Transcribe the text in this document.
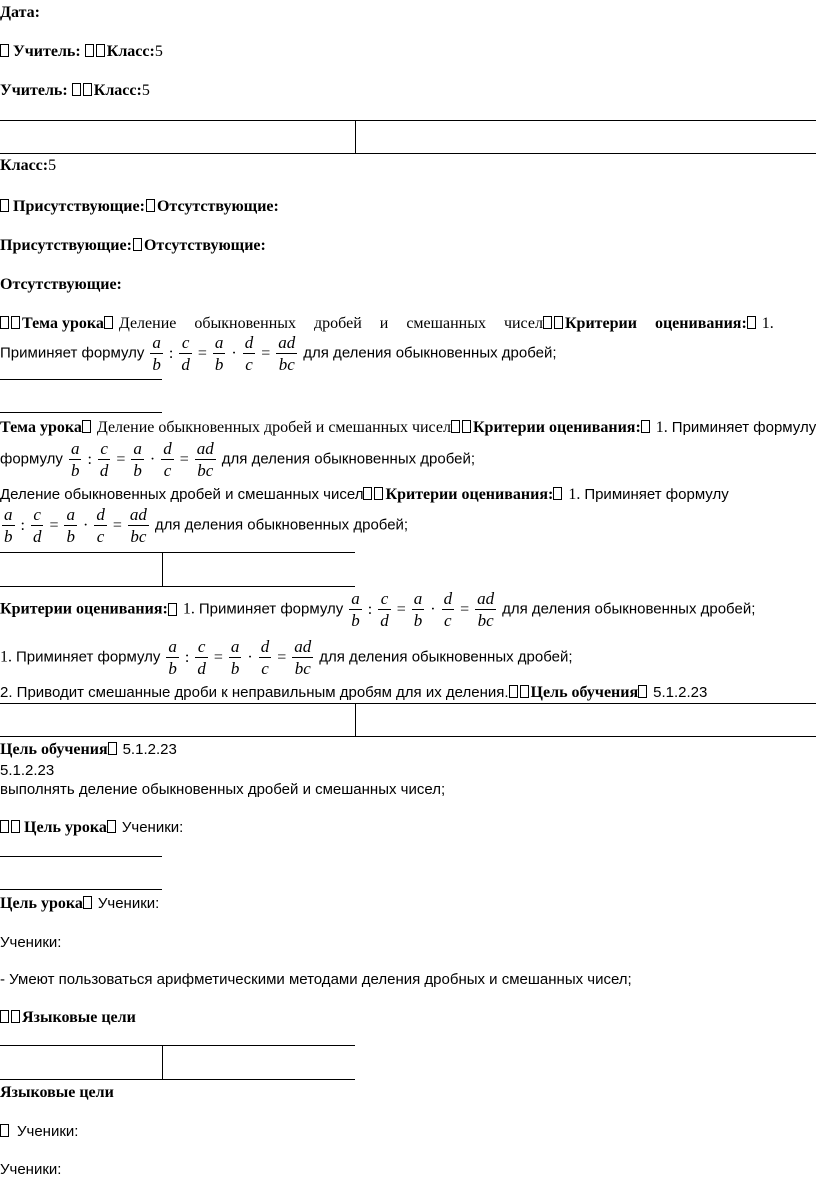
Дата:
Учитель: Класс:5
Учитель: Класс:5
Класс:5
Присутствующие: Отсутствующие:
Присутствующие: Отсутствующие:
Отсутствующие:
Тема урока Деление обыкновенных дробей и смешанных чисел Критерии оценивания: 1.
Приминяет формулу $\frac{a}{b}$ : $\frac{c}{d} = \frac{a}{b} \cdot \frac{d}{c} = \frac{ad}{bc}$ для деления обыкновенных дробей;
Тема урока Деление обыкновенных дробей и смешанных чисел Критерии оценивания: 1. Приминяет формулу
формулу $\frac{a}{b}$ : $\frac{c}{d} = \frac{a}{b} \cdot \frac{d}{c} = \frac{ad}{bc}$ для деления обыкновенных дробей;
Деление обыкновенных дробей и смешанных чисел Критерии оценивания: 1. Приминяет формулу
$\frac{a}{b}$ : $\frac{c}{d} = \frac{a}{b} \cdot \frac{d}{c} = \frac{ad}{bc}$ для деления обыкновенных дробей;
Критерии оценивания: 1. Приминяет формулу $\frac{a}{b}$ : $\frac{c}{d} = \frac{a}{b} \cdot \frac{d}{c} = \frac{ad}{bc}$ для деления обыкновенных дробей;
1. Приминяет формулу $\frac{a}{b}$ : $\frac{c}{d} = \frac{a}{b} \cdot \frac{d}{c} = \frac{ad}{bc}$ для деления обыкновенных дробей;
2. Приводит смешанные дроби к неправильным дробям для их деления. Цель обучения 5.1.2.23
Цель обучения 5.1.2.23
5.1.2.23
выполнять деление обыкновенных дробей и смешанных чисел;
Цель урока Ученики:
Цель урока Ученики:
Ученики:
- Умеют пользоваться арифметическими методами деления дробных и смешанных чисел;
Языковые цели
Языковые цели
Ученики:
Ученики:
